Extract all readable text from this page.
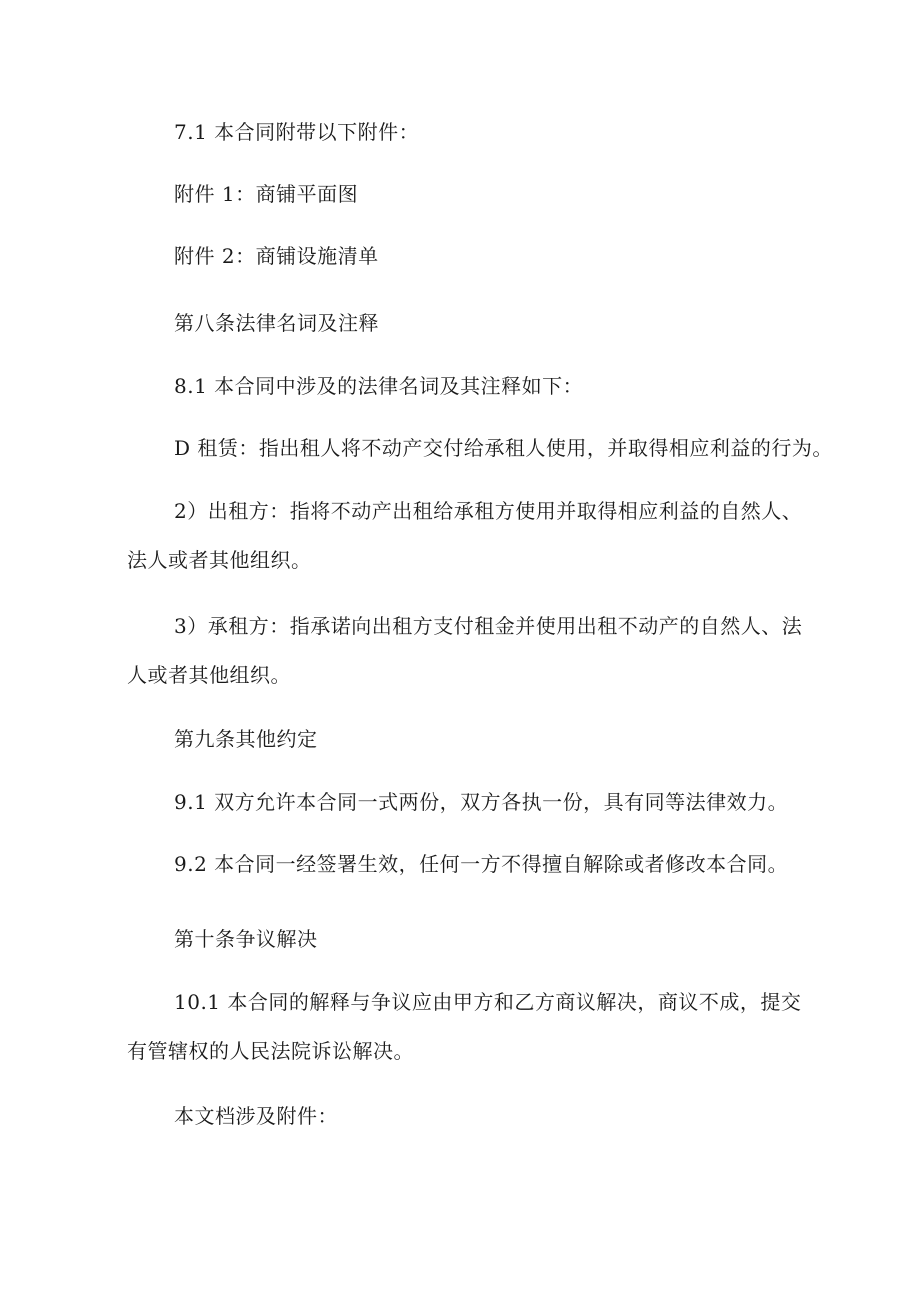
7.1 本合同附带以下附件：
附件 1：商铺平面图
附件 2：商铺设施清单
第八条法律名词及注释
8.1 本合同中涉及的法律名词及其注释如下：
D 租赁：指出租人将不动产交付给承租人使用，并取得相应利益的行为。
2）出租方：指将不动产出租给承租方使用并取得相应利益的自然人、
法人或者其他组织。
3）承租方：指承诺向出租方支付租金并使用出租不动产的自然人、法
人或者其他组织。
第九条其他约定
9.1 双方允许本合同一式两份，双方各执一份，具有同等法律效力。
9.2 本合同一经签署生效，任何一方不得擅自解除或者修改本合同。
第十条争议解决
10.1 本合同的解释与争议应由甲方和乙方商议解决，商议不成，提交
有管辖权的人民法院诉讼解决。
本文档涉及附件：
